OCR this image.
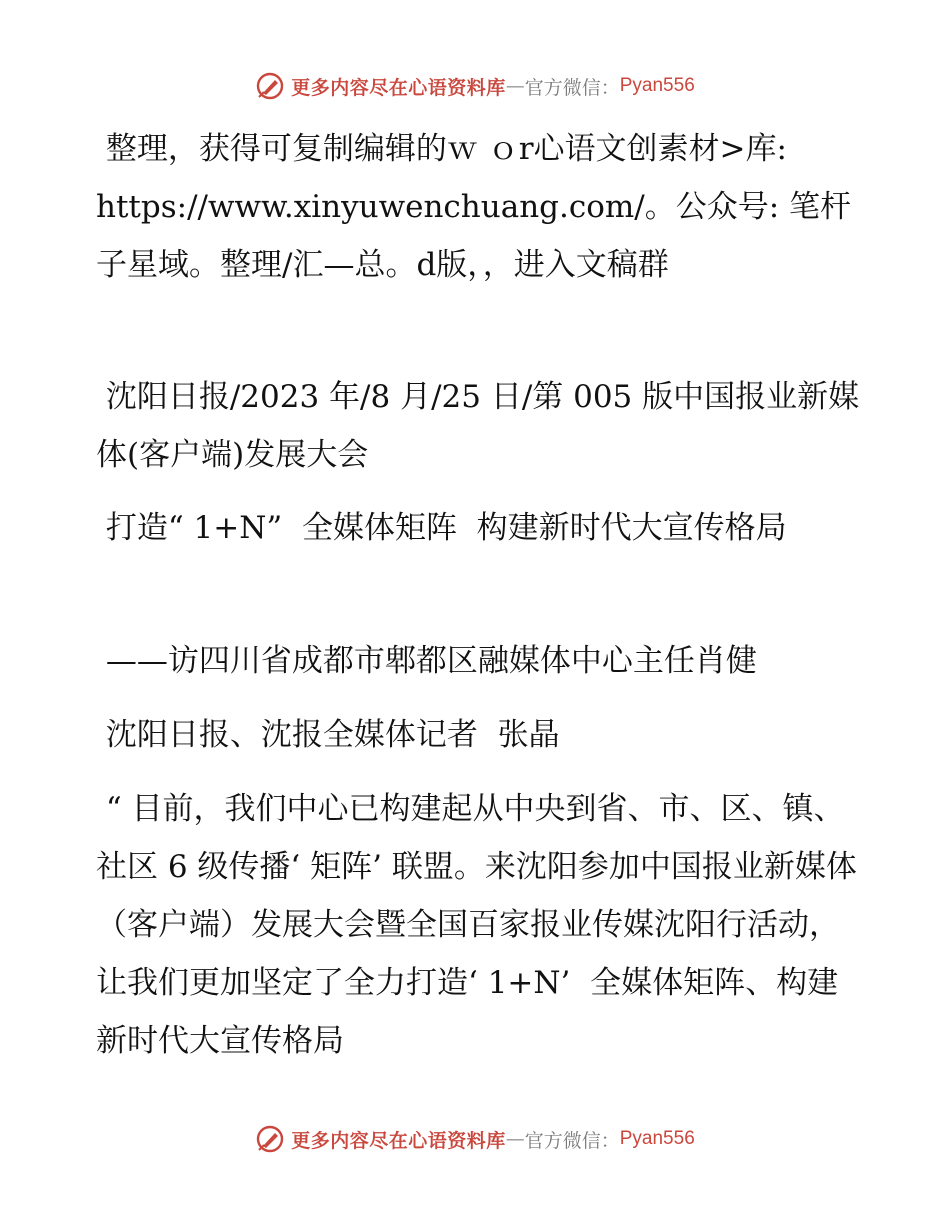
更多内容尽在心语资料库 — 官方微信： Pyan556

整理，获得可复制编辑的ｗ ｏr心语文创素材>库: https://www.xinyuwenchuang.com/。公众号: 笔杆子星域。整理/汇—总。d版，，进入文稿群

沈阳日报/2023 年/8 月/25 日/第 005 版中国报业新媒体(客户端)发展大会

打造“ 1+N”  全媒体矩阵  构建新时代大宣传格局

——访四川省成都市郫都区融媒体中心主任肖健

沈阳日报、沈报全媒体记者  张晶

“ 目前，我们中心已构建起从中央到省、市、区、镇、社区 6 级传播‘ 矩阵’ 联盟。来沈阳参加中国报业新媒体（客户端）发展大会暨全国百家报业传媒沈阳行活动，让我们更加坚定了全力打造‘ 1+N’  全媒体矩阵、构建新时代大宣传格局

更多内容尽在心语资料库 — 官方微信： Pyan556
